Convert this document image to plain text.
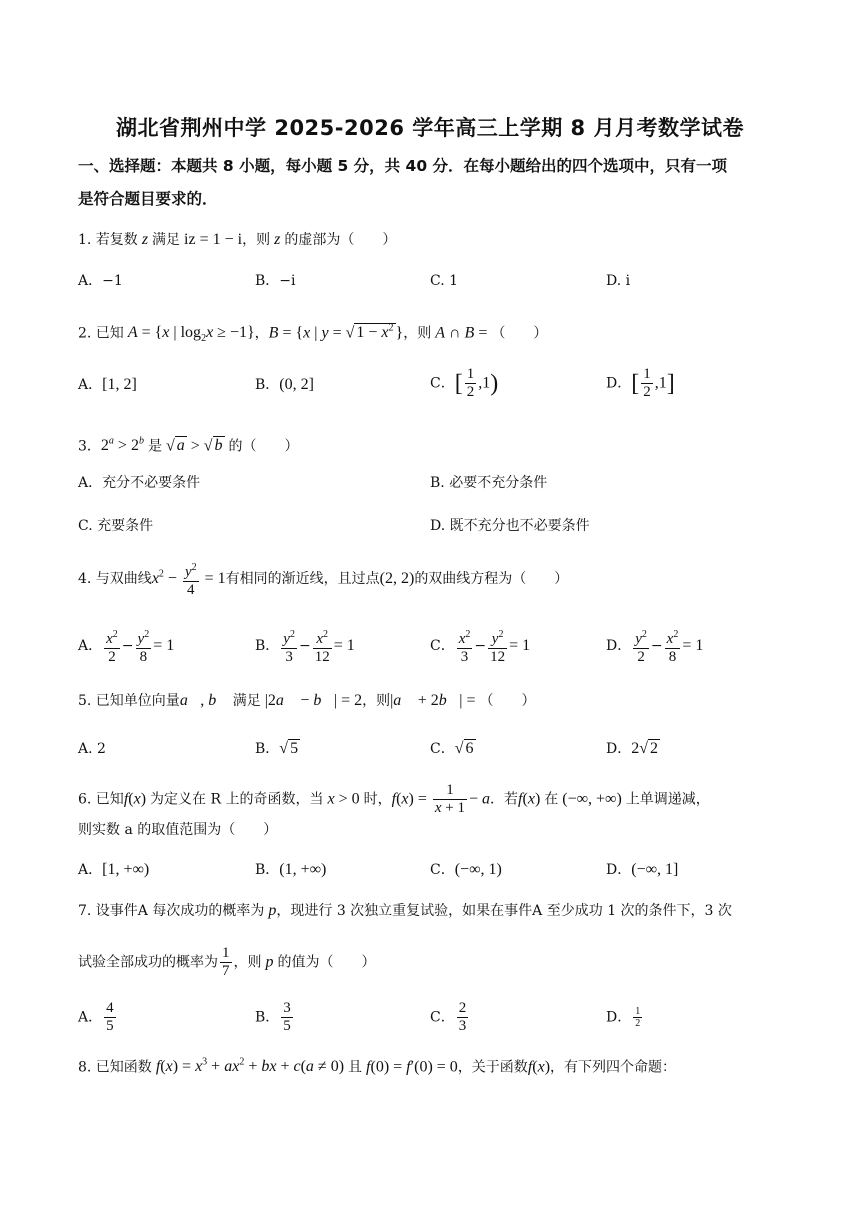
湖北省荆州中学 2025-2026 学年高三上学期 8 月月考数学试卷
一、选择题：本题共 8 小题，每小题 5 分，共 40 分．在每小题给出的四个选项中，只有一项
是符合题目要求的．
1. 若复数 z 满足 iz = 1 − i，则 z 的虚部为（　　）
A．−1	B．−i	C. 1	D. i
2. 已知 A = {x | $\log_2x \ge -1$}，B = {x | y = √ $1 - x^2$ }，则 A ∩ B = （　　）
A．[1, 2]	B．(0, 2]	C．[ $\frac{1}{2} ,1$)	D．[ $\frac{1}{2} ,1$]
3．$2^a > 2^b$ 是 √ a > √ b 的（　　）
A．充分不必要条件	B. 必要不充分条件
C. 充要条件	D. 既不充分也不必要条件
4. 与双曲线$x^2 - \frac{y^2}{4} = 1$有相同的渐近线，且过点(2, 2)的双曲线方程为（　　）
A． $\frac{x^2}{2} - \frac{y^2}{8} = 1$	B． $\frac{y^2}{3} - \frac{x^2}{12} = 1$	C． $\frac{x^2}{3} - \frac{y^2}{12} = 1$	D． $\frac{y^2}{2} - \frac{x^2}{8} = 1$
5. 已知单位向量a⃗, b⃗ 满足 |2a⃗ − b⃗| = 2，则|a⃗ + 2b⃗| = （　　）
A. 2	B．√ 5	C．√ 6	D．2√ 2
6. 已知f(x) 为定义在 R 上的奇函数，当 x > 0 时，$f(x) = \frac{1}{x + 1} - a$．若f(x) 在 (−∞, +∞) 上单调递减，
则实数 a 的取值范围为（　　）
A．[1, +∞)	B．(1, +∞)	C．(−∞, 1)	D．(−∞, 1]
7. 设事件A 每次成功的概率为 p，现进行 3 次独立重复试验，如果在事件A 至少成功 1 次的条件下，3 次
试验全部成功的概率为 $\frac{1}{7}$ ，则 p 的值为（　　）
A． $\frac{4}{5}$	B． $\frac{3}{5}$	C． $\frac{2}{3}$	D． $\frac{1}{2}$
8. 已知函数 $f(x) = x^3 + ax^2$ + bx + c(a ≠ 0) 且 f(0) = f′(0) = 0，关于函数f(x)，有下列四个命题：
